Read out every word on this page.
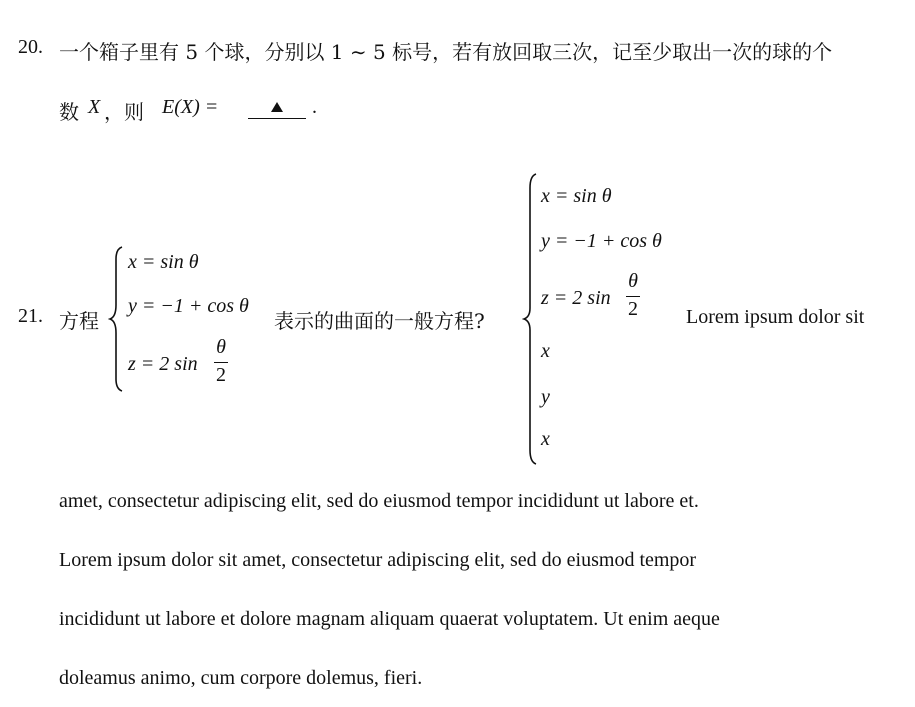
20. 一个箱子里有 5 个球，分别以 1 ∼ 5 标号，若有放回取三次，记至少取出一次的球的个
数 X ，则 E(X) =	.
21. 方程
x = sin θ
y = −1 + cos θ
z = 2 sin
θ
2
表示的曲面的一般方程?
x = sin θ
y = −1 + cos θ
z = 2 sin
θ
2
x
y
x
Lorem ipsum dolor sit
amet, consectetur adipiscing elit, sed do eiusmod tempor incididunt ut labore et.
Lorem ipsum dolor sit amet, consectetur adipiscing elit, sed do eiusmod tempor
incididunt ut labore et dolore magnam aliquam quaerat voluptatem. Ut enim aeque
doleamus animo, cum corpore dolemus, fieri.
